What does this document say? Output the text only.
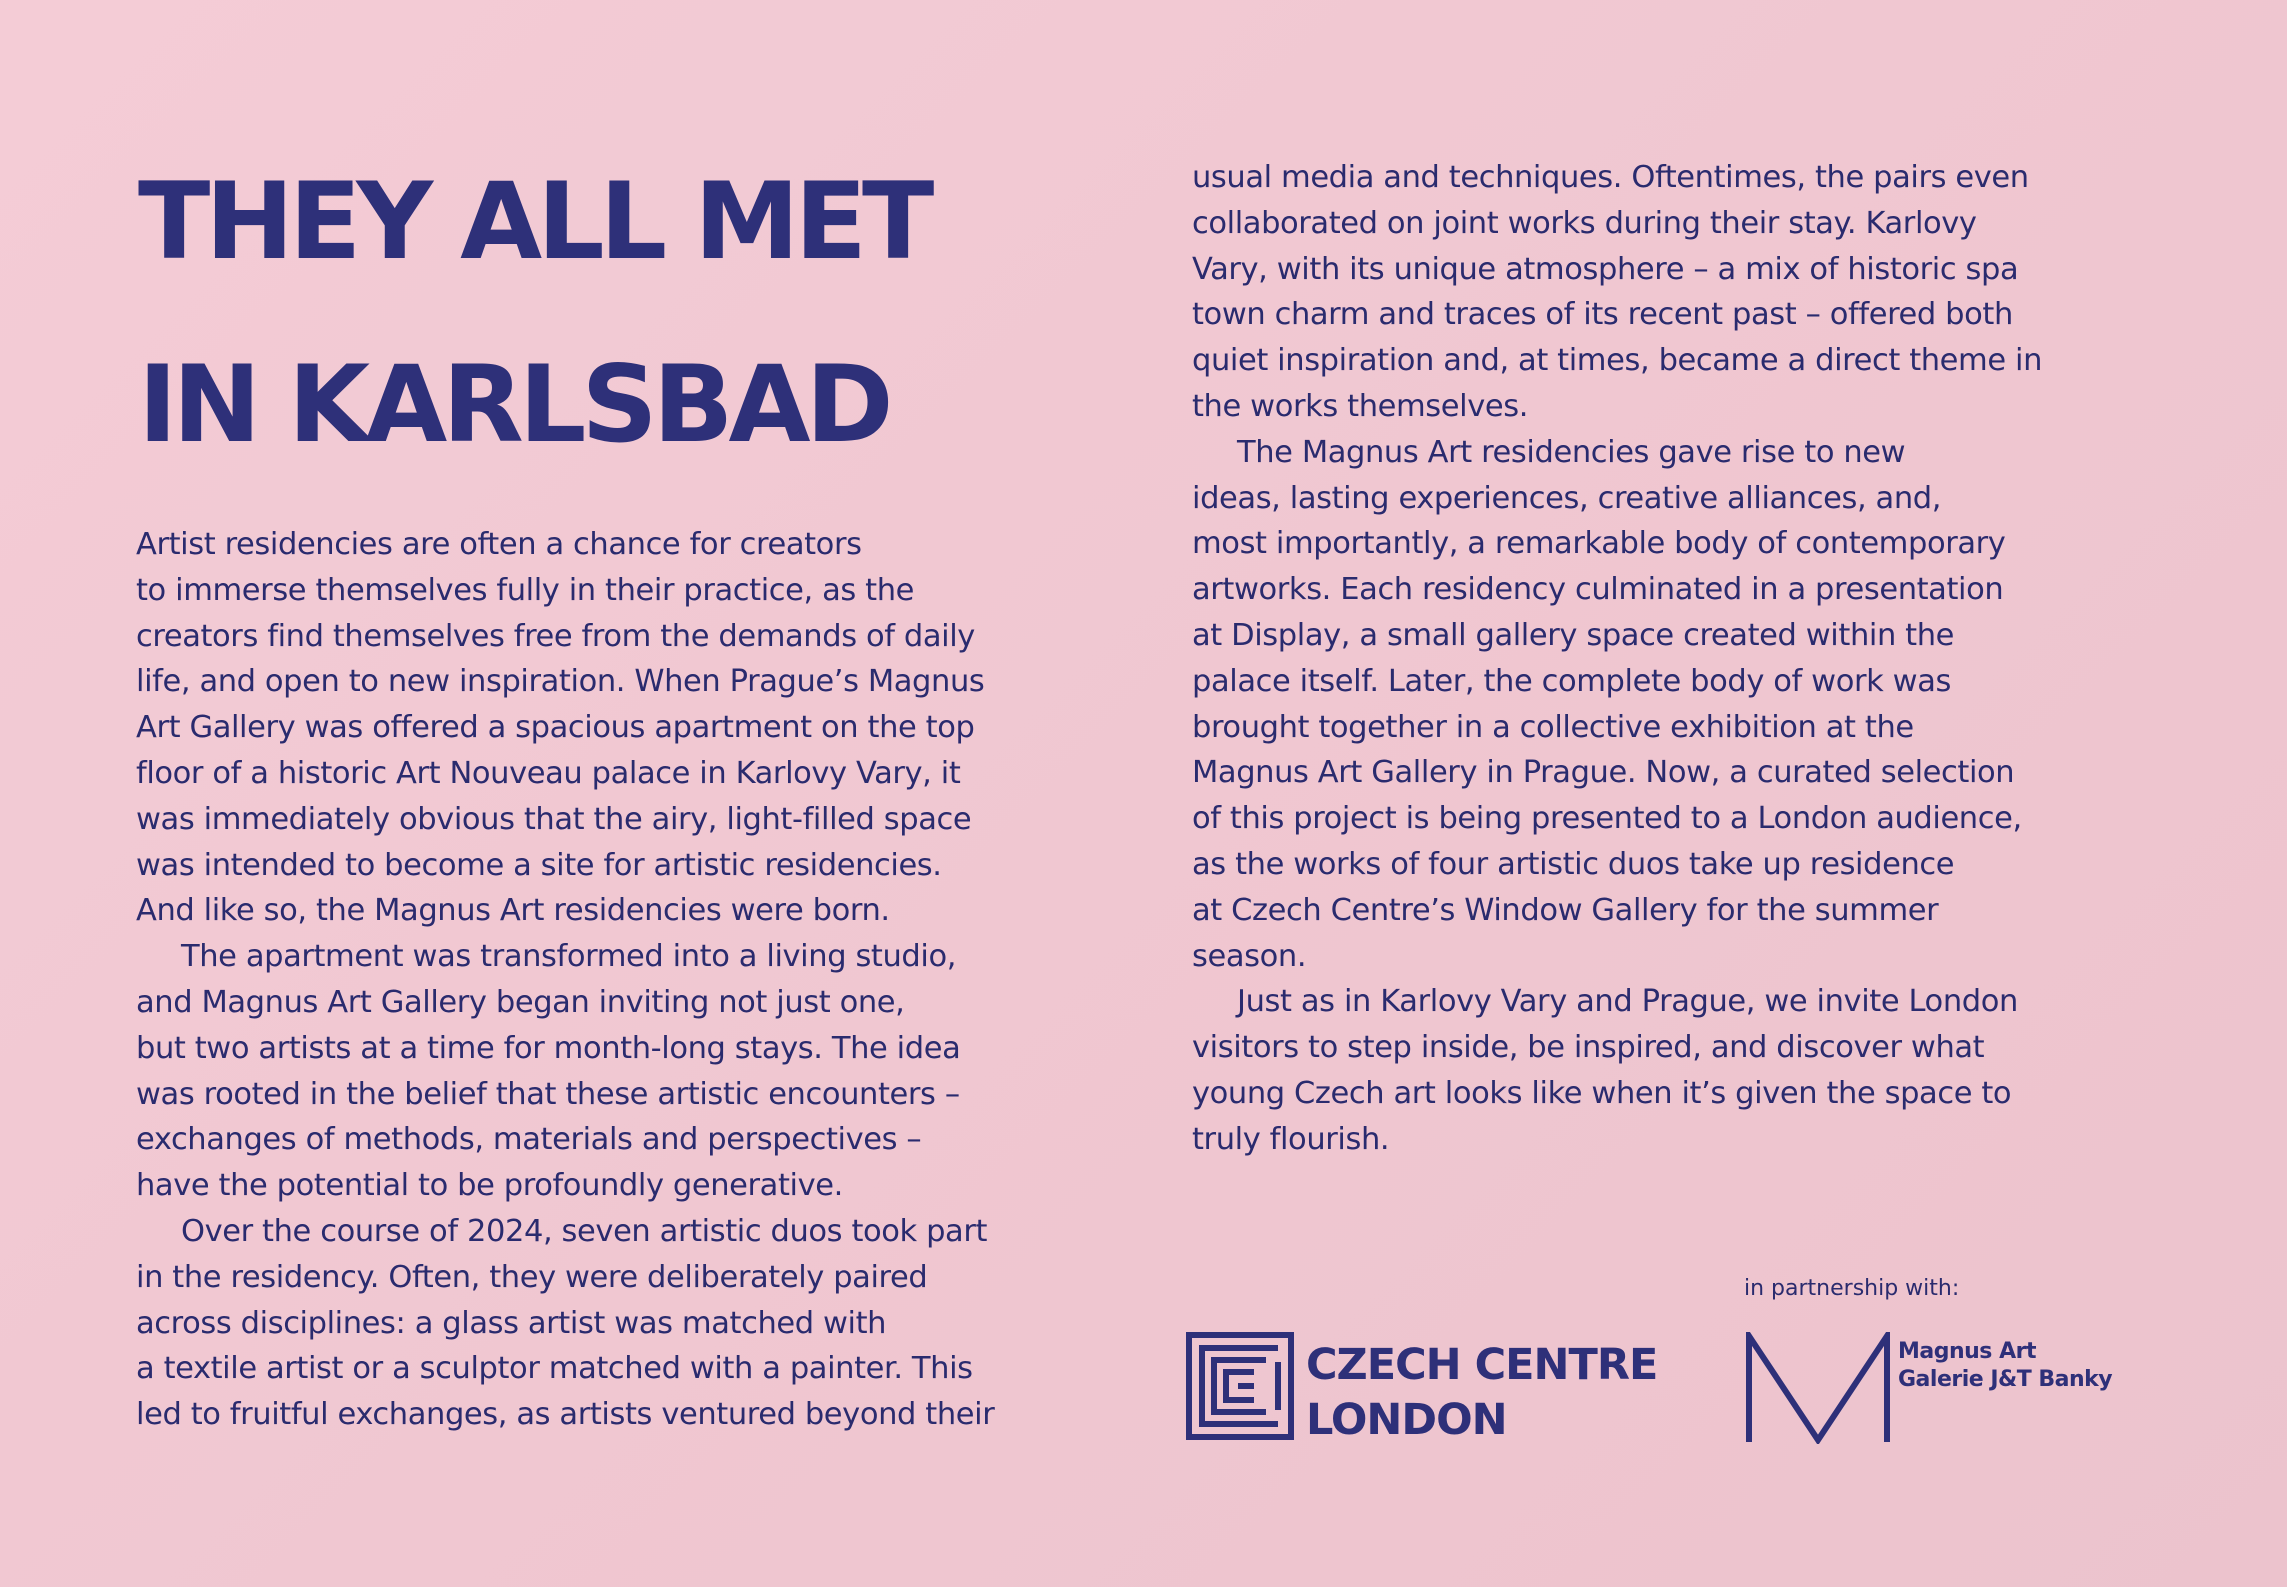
THEY ALL MET
IN KARLSBAD

Artist residencies are often a chance for creators
to immerse themselves fully in their practice, as the
creators find themselves free from the demands of daily
life, and open to new inspiration. When Prague’s Magnus
Art Gallery was offered a spacious apartment on the top
floor of a historic Art Nouveau palace in Karlovy Vary, it
was immediately obvious that the airy, light-filled space
was intended to become a site for artistic residencies.
And like so, the Magnus Art residencies were born.

The apartment was transformed into a living studio,
and Magnus Art Gallery began inviting not just one,
but two artists at a time for month-long stays. The idea
was rooted in the belief that these artistic encounters –
exchanges of methods, materials and perspectives –
have the potential to be profoundly generative.

Over the course of 2024, seven artistic duos took part
in the residency. Often, they were deliberately paired
across disciplines: a glass artist was matched with
a textile artist or a sculptor matched with a painter. This
led to fruitful exchanges, as artists ventured beyond their

usual media and techniques. Oftentimes, the pairs even
collaborated on joint works during their stay. Karlovy
Vary, with its unique atmosphere – a mix of historic spa
town charm and traces of its recent past – offered both
quiet inspiration and, at times, became a direct theme in
the works themselves.

The Magnus Art residencies gave rise to new
ideas, lasting experiences, creative alliances, and,
most importantly, a remarkable body of contemporary
artworks. Each residency culminated in a presentation
at Display, a small gallery space created within the
palace itself. Later, the complete body of work was
brought together in a collective exhibition at the
Magnus Art Gallery in Prague. Now, a curated selection
of this project is being presented to a London audience,
as the works of four artistic duos take up residence
at Czech Centre’s Window Gallery for the summer
season.

Just as in Karlovy Vary and Prague, we invite London
visitors to step inside, be inspired, and discover what
young Czech art looks like when it’s given the space to
truly flourish.

in partnership with:
CZECH CENTRE
LONDON
Magnus Art
Galerie J&T Banky
